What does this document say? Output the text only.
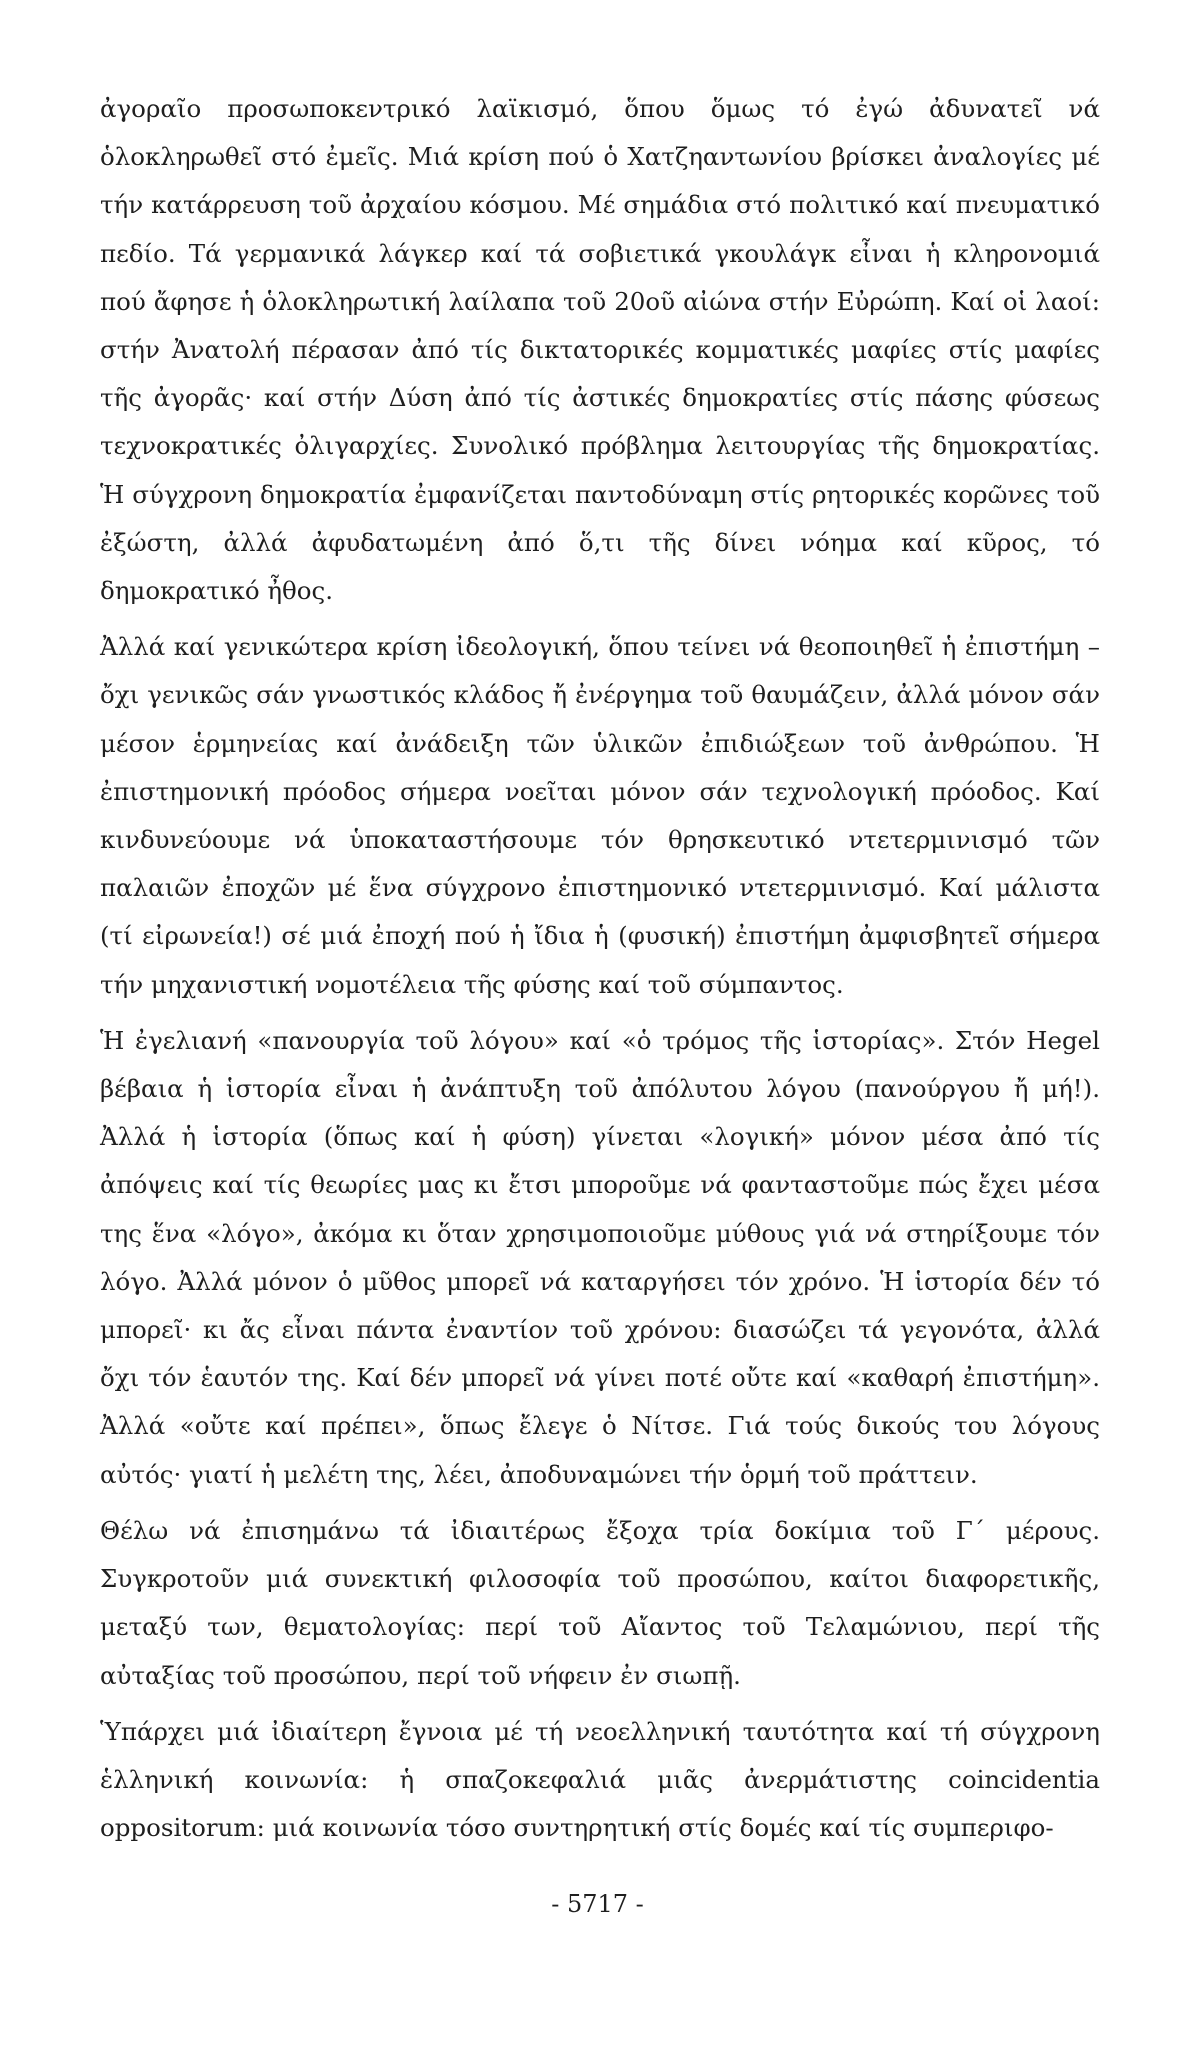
ἀγοραῖο προσωποκεντρικό λαϊκισμό, ὅπου ὅμως τό ἐγώ ἀδυνατεῖ νά ὁλοκληρωθεῖ στό ἐμεῖς. Μιά κρίση πού ὁ Χατζηαντωνίου βρίσκει ἀναλογίες μέ τήν κατάρρευση τοῦ ἀρχαίου κόσμου. Μέ σημάδια στό πολιτικό καί πνευματικό πεδίο. Τά γερμανικά λάγκερ καί τά σοβιετικά γκουλάγκ εἶναι ἡ κληρονομιά πού ἄφησε ἡ ὁλοκληρωτική λαίλαπα τοῦ 20οῦ αἰώνα στήν Εὐρώπη. Καί οἱ λαοί: στήν Ἀνατολή πέρασαν ἀπό τίς δικτατορικές κομματικές μαφίες στίς μαφίες τῆς ἀγορᾶς· καί στήν Δύση ἀπό τίς ἀστικές δημοκρατίες στίς πάσης φύσεως τεχνοκρατικές ὀλιγαρχίες. Συνολικό πρόβλημα λειτουργίας τῆς δημοκρατίας. Ἡ σύγχρονη δημοκρατία ἐμφανίζεται παντοδύναμη στίς ρητορικές κορῶνες τοῦ ἐξώστη, ἀλλά ἀφυδατωμένη ἀπό ὅ,τι τῆς δίνει νόημα καί κῦρος, τό δημοκρατικό ἦθος.

Ἀλλά καί γενικώτερα κρίση ἰδεολογική, ὅπου τείνει νά θεοποιηθεῖ ἡ ἐπιστήμη –ὄχι γενικῶς σάν γνωστικός κλάδος ἤ ἐνέργημα τοῦ θαυμάζειν, ἀλλά μόνον σάν μέσον ἑρμηνείας καί ἀνάδειξη τῶν ὑλικῶν ἐπιδιώξεων τοῦ ἀνθρώπου. Ἡ ἐπιστημονική πρόοδος σήμερα νοεῖται μόνον σάν τεχνολογική πρόοδος. Καί κινδυνεύουμε νά ὑποκαταστήσουμε τόν θρησκευτικό ντετερμινισμό τῶν παλαιῶν ἐποχῶν μέ ἕνα σύγχρονο ἐπιστημονικό ντετερμινισμό. Καί μάλιστα (τί εἰρωνεία!) σέ μιά ἐποχή πού ἡ ἴδια ἡ (φυσική) ἐπιστήμη ἀμφισβητεῖ σήμερα τήν μηχανιστική νομοτέλεια τῆς φύσης καί τοῦ σύμπαντος.

Ἡ ἐγελιανή «πανουργία τοῦ λόγου» καί «ὁ τρόμος τῆς ἱστορίας». Στόν Hegel βέβαια ἡ ἱστορία εἶναι ἡ ἀνάπτυξη τοῦ ἀπόλυτου λόγου (πανούργου ἤ μή!). Ἀλλά ἡ ἱστορία (ὅπως καί ἡ φύση) γίνεται «λογική» μόνον μέσα ἀπό τίς ἀπόψεις καί τίς θεωρίες μας κι ἔτσι μποροῦμε νά φανταστοῦμε πώς ἔχει μέσα της ἕνα «λόγο», ἀκόμα κι ὅταν χρησιμοποιοῦμε μύθους γιά νά στηρίξουμε τόν λόγο. Ἀλλά μόνον ὁ μῦθος μπορεῖ νά καταργήσει τόν χρόνο. Ἡ ἱστορία δέν τό μπορεῖ· κι ἄς εἶναι πάντα ἐναντίον τοῦ χρόνου: διασώζει τά γεγονότα, ἀλλά ὄχι τόν ἑαυτόν της. Καί δέν μπορεῖ νά γίνει ποτέ οὔτε καί «καθαρή ἐπιστήμη». Ἀλλά «οὔτε καί πρέπει», ὅπως ἔλεγε ὁ Νίτσε. Γιά τούς δικούς του λόγους αὐτός· γιατί ἡ μελέτη της, λέει, ἀποδυναμώνει τήν ὁρμή τοῦ πράττειν.

Θέλω νά ἐπισημάνω τά ἰδιαιτέρως ἔξοχα τρία δοκίμια τοῦ Γ΄ μέρους. Συγκροτοῦν μιά συνεκτική φιλοσοφία τοῦ προσώπου, καίτοι διαφορετικῆς, μεταξύ των, θεματολογίας: περί τοῦ Αἴαντος τοῦ Τελαμώνιου, περί τῆς αὐταξίας τοῦ προσώπου, περί τοῦ νήφειν ἐν σιωπῇ.

Ὑπάρχει μιά ἰδιαίτερη ἔγνοια μέ τή νεοελληνική ταυτότητα καί τή σύγχρονη ἑλληνική κοινωνία: ἡ σπαζοκεφαλιά μιᾶς ἀνερμάτιστης coincidentia oppositorum: μιά κοινωνία τόσο συντηρητική στίς δομές καί τίς συμπεριφο-

- 5717 -
